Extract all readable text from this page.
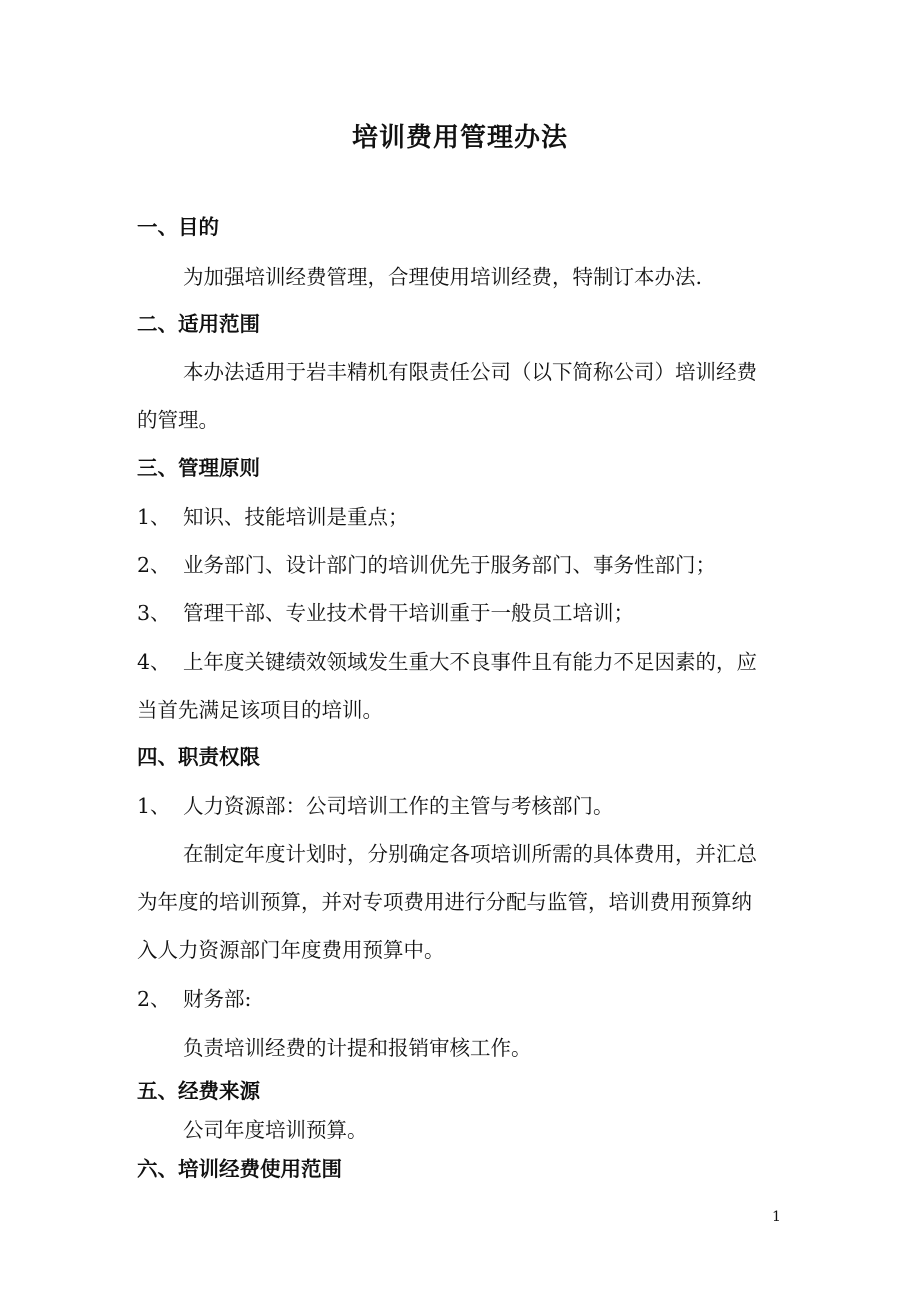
培训费用管理办法
一、目的
为加强培训经费管理，合理使用培训经费，特制订本办法.
二、适用范围
本办法适用于岩丰精机有限责任公司（以下简称公司）培训经费
的管理。
三、管理原则
1、 知识、技能培训是重点；
2、 业务部门、设计部门的培训优先于服务部门、事务性部门；
3、 管理干部、专业技术骨干培训重于一般员工培训；
4、 上年度关键绩效领域发生重大不良事件且有能力不足因素的，应
当首先满足该项目的培训。
四、职责权限
1、 人力资源部：公司培训工作的主管与考核部门。
在制定年度计划时，分别确定各项培训所需的具体费用，并汇总
为年度的培训预算，并对专项费用进行分配与监管，培训费用预算纳
入人力资源部门年度费用预算中。
2、 财务部:
负责培训经费的计提和报销审核工作。
五、经费来源
公司年度培训预算。
六、培训经费使用范围
1
